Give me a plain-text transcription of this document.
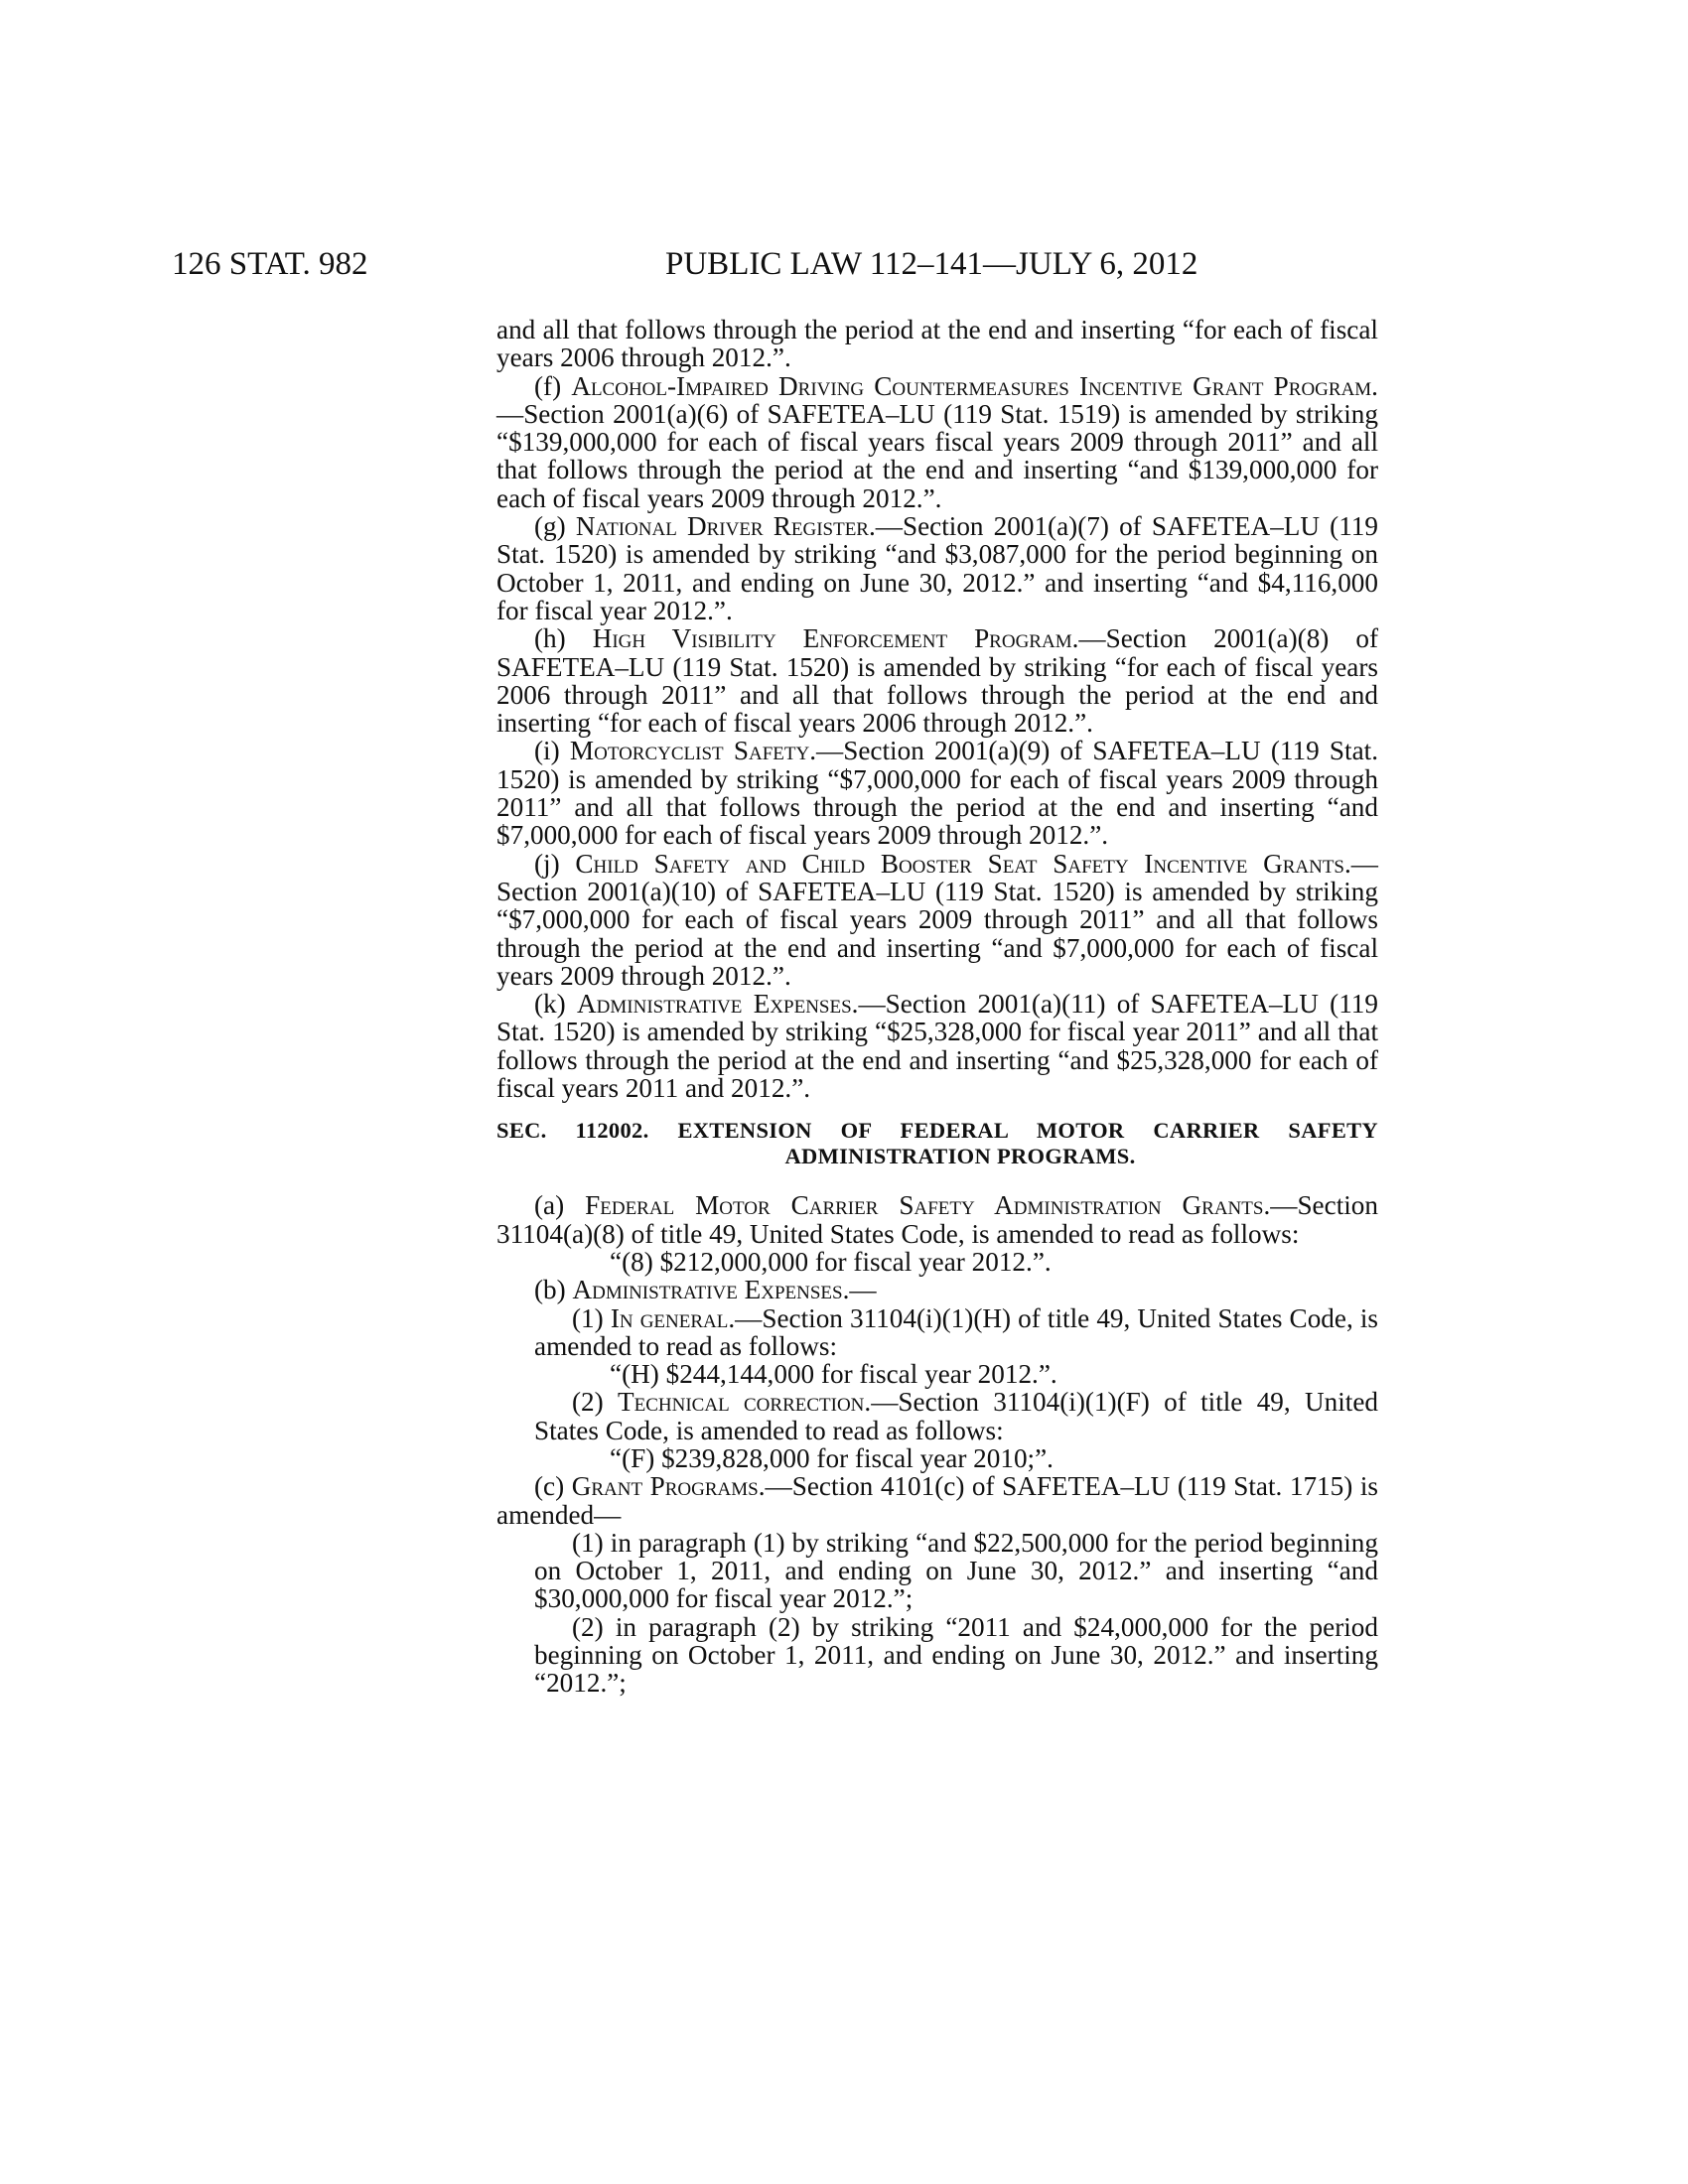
126 STAT. 982	PUBLIC LAW 112–141—JULY 6, 2012

and all that follows through the period at the end and inserting “for each of fiscal years 2006 through 2012.”.

(f) Alcohol-Impaired Driving Countermeasures Incentive Grant Program.—Section 2001(a)(6) of SAFETEA–LU (119 Stat. 1519) is amended by striking “$139,000,000 for each of fiscal years fiscal years 2009 through 2011” and all that follows through the period at the end and inserting “and $139,000,000 for each of fiscal years 2009 through 2012.”.

(g) National Driver Register.—Section 2001(a)(7) of SAFETEA–LU (119 Stat. 1520) is amended by striking “and $3,087,000 for the period beginning on October 1, 2011, and ending on June 30, 2012.” and inserting “and $4,116,000 for fiscal year 2012.”.

(h) High Visibility Enforcement Program.—Section 2001(a)(8) of SAFETEA–LU (119 Stat. 1520) is amended by striking “for each of fiscal years 2006 through 2011” and all that follows through the period at the end and inserting “for each of fiscal years 2006 through 2012.”.

(i) Motorcyclist Safety.—Section 2001(a)(9) of SAFETEA–LU (119 Stat. 1520) is amended by striking “$7,000,000 for each of fiscal years 2009 through 2011” and all that follows through the period at the end and inserting “and $7,000,000 for each of fiscal years 2009 through 2012.”.

(j) Child Safety and Child Booster Seat Safety Incentive Grants.—Section 2001(a)(10) of SAFETEA–LU (119 Stat. 1520) is amended by striking “$7,000,000 for each of fiscal years 2009 through 2011” and all that follows through the period at the end and inserting “and $7,000,000 for each of fiscal years 2009 through 2012.”.

(k) Administrative Expenses.—Section 2001(a)(11) of SAFETEA–LU (119 Stat. 1520) is amended by striking “$25,328,000 for fiscal year 2011” and all that follows through the period at the end and inserting “and $25,328,000 for each of fiscal years 2011 and 2012.”.

SEC. 112002. EXTENSION OF FEDERAL MOTOR CARRIER SAFETY
ADMINISTRATION PROGRAMS.

(a) Federal Motor Carrier Safety Administration Grants.—Section 31104(a)(8) of title 49, United States Code, is amended to read as follows:

“(8) $212,000,000 for fiscal year 2012.”.

(b) Administrative Expenses.—

(1) In general.—Section 31104(i)(1)(H) of title 49, United States Code, is amended to read as follows:

“(H) $244,144,000 for fiscal year 2012.”.

(2) Technical correction.—Section 31104(i)(1)(F) of title 49, United States Code, is amended to read as follows:

“(F) $239,828,000 for fiscal year 2010;”.

(c) Grant Programs.—Section 4101(c) of SAFETEA–LU (119 Stat. 1715) is amended—

(1) in paragraph (1) by striking “and $22,500,000 for the period beginning on October 1, 2011, and ending on June 30, 2012.” and inserting “and $30,000,000 for fiscal year 2012.”;

(2) in paragraph (2) by striking “2011 and $24,000,000 for the period beginning on October 1, 2011, and ending on June 30, 2012.” and inserting “2012.”;
